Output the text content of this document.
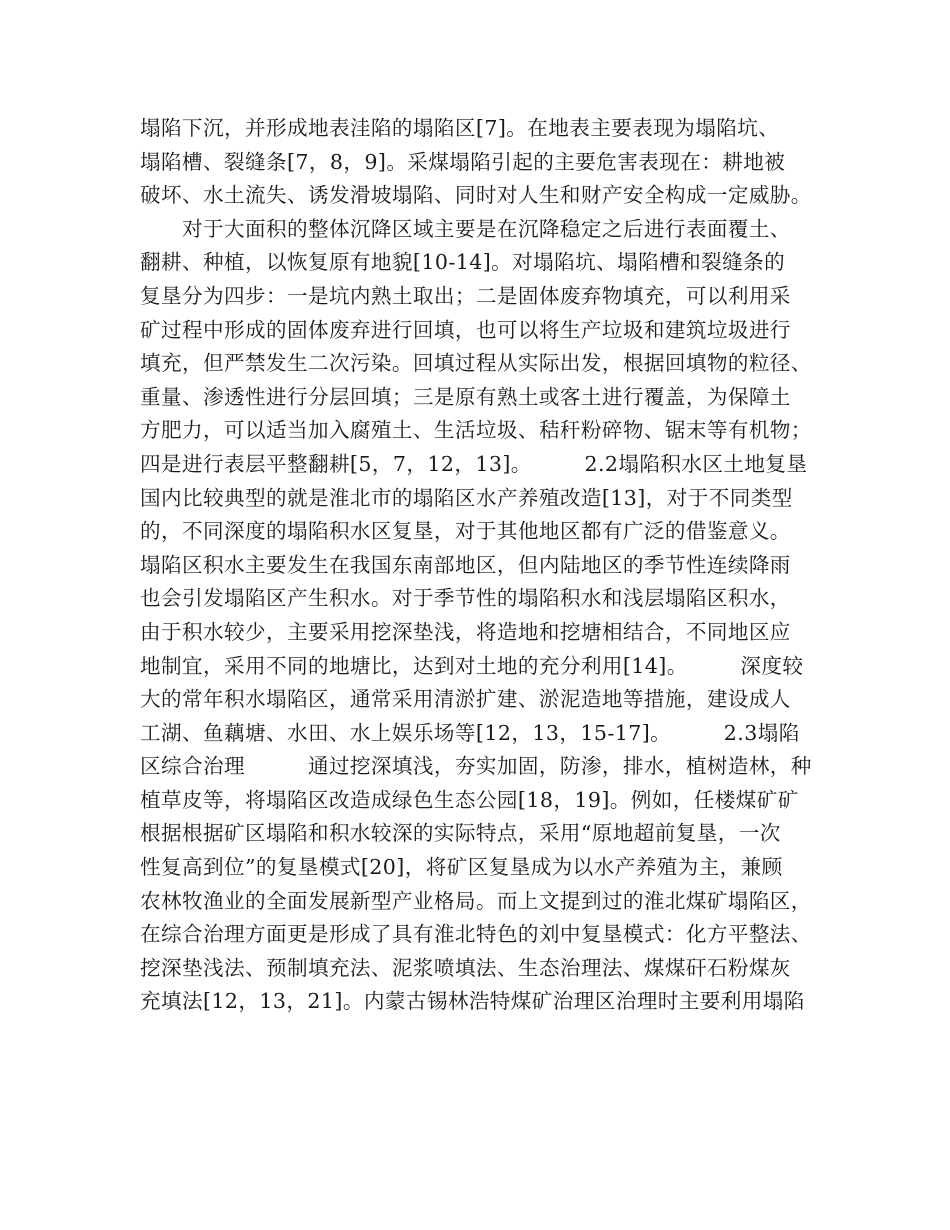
塌陷下沉，并形成地表洼陷的塌陷区[7]。在地表主要表现为塌陷坑、
塌陷槽、裂缝条[7，8，9]。采煤塌陷引起的主要危害表现在：耕地被
破坏、水土流失、诱发滑坡塌陷、同时对人生和财产安全构成一定威胁。
　　对于大面积的整体沉降区域主要是在沉降稳定之后进行表面覆土、
翻耕、种植，以恢复原有地貌[10-14]。对塌陷坑、塌陷槽和裂缝条的
复垦分为四步：一是坑内熟土取出；二是固体废弃物填充，可以利用采
矿过程中形成的固体废弃进行回填，也可以将生产垃圾和建筑垃圾进行
填充，但严禁发生二次污染。回填过程从实际出发，根据回填物的粒径、
重量、渗透性进行分层回填；三是原有熟土或客土进行覆盖，为保障土
方肥力，可以适当加入腐殖土、生活垃圾、秸秆粉碎物、锯末等有机物；
四是进行表层平整翻耕[5，7，12，13]。　　　2.2塌陷积水区土地复垦
国内比较典型的就是淮北市的塌陷区水产养殖改造[13]，对于不同类型
的，不同深度的塌陷积水区复垦，对于其他地区都有广泛的借鉴意义。
塌陷区积水主要发生在我国东南部地区，但内陆地区的季节性连续降雨
也会引发塌陷区产生积水。对于季节性的塌陷积水和浅层塌陷区积水，
由于积水较少，主要采用挖深垫浅，将造地和挖塘相结合，不同地区应
地制宜，采用不同的地塘比，达到对土地的充分利用[14]。　　　深度较
大的常年积水塌陷区，通常采用清淤扩建、淤泥造地等措施，建设成人
工湖、鱼藕塘、水田、水上娱乐场等[12，13，15-17]。　　　2.3塌陷
区综合治理　　　通过挖深填浅，夯实加固，防渗，排水，植树造林，种
植草皮等，将塌陷区改造成绿色生态公园[18，19]。例如，任楼煤矿矿
根据根据矿区塌陷和积水较深的实际特点，采用“原地超前复垦，一次
性复高到位”的复垦模式[20]，将矿区复垦成为以水产养殖为主，兼顾
农林牧渔业的全面发展新型产业格局。而上文提到过的淮北煤矿塌陷区，
在综合治理方面更是形成了具有淮北特色的刘中复垦模式：化方平整法、
挖深垫浅法、预制填充法、泥浆喷填法、生态治理法、煤煤矸石粉煤灰
充填法[12，13，21]。内蒙古锡林浩特煤矿治理区治理时主要利用塌陷
